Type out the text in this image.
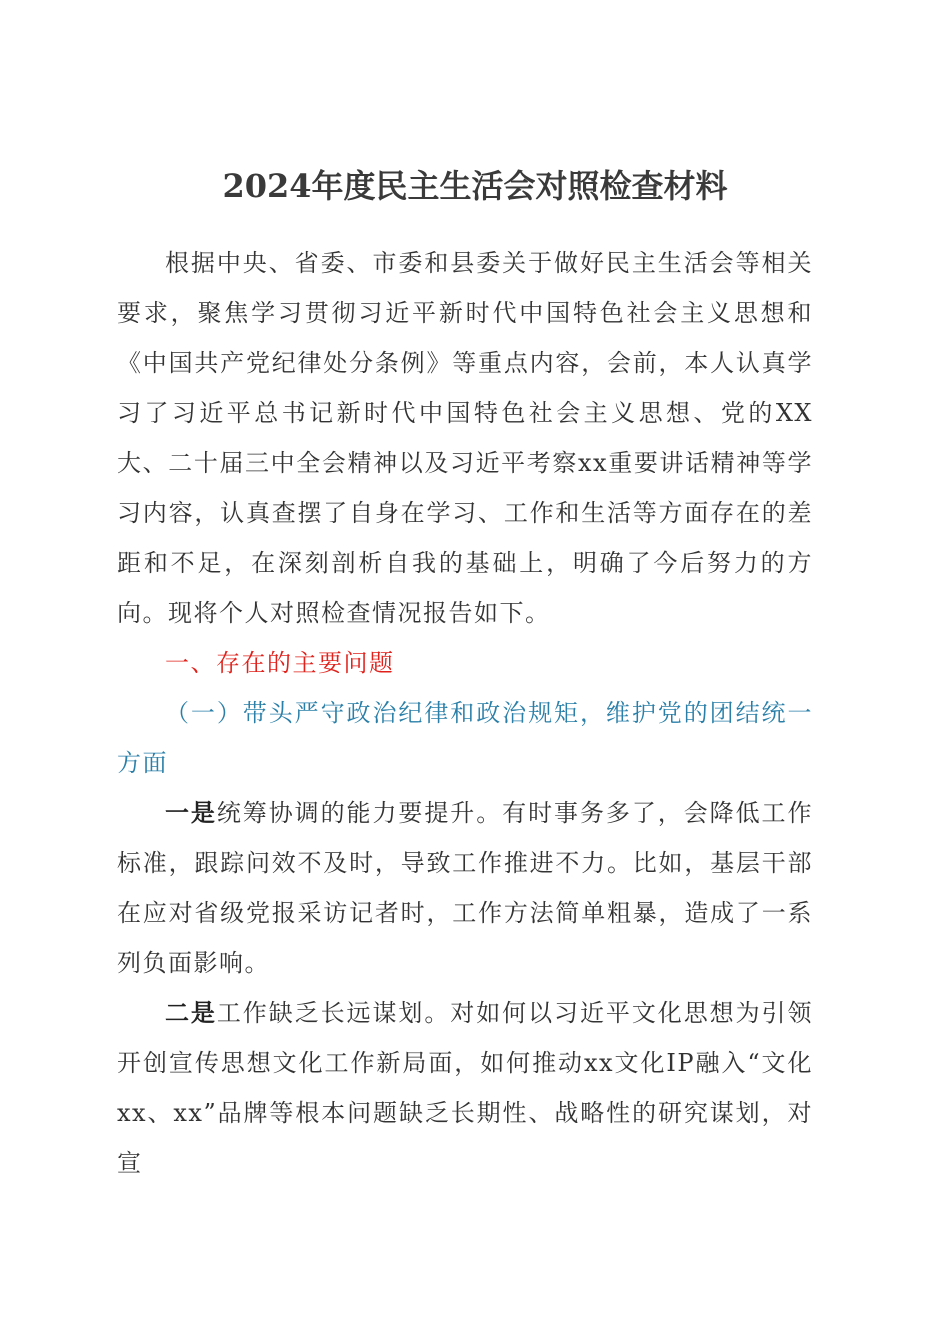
2024年度民主生活会对照检查材料

根据中央、省委、市委和县委关于做好民主生活会等相关要求，聚焦学习贯彻习近平新时代中国特色社会主义思想和《中国共产党纪律处分条例》等重点内容，会前，本人认真学习了习近平总书记新时代中国特色社会主义思想、党的XX大、二十届三中全会精神以及习近平考察xx重要讲话精神等学习内容，认真查摆了自身在学习、工作和生活等方面存在的差距和不足，在深刻剖析自我的基础上，明确了今后努力的方向。现将个人对照检查情况报告如下。

一、存在的主要问题

（一）带头严守政治纪律和政治规矩，维护党的团结统一方面

一是统筹协调的能力要提升。有时事务多了，会降低工作标准，跟踪问效不及时，导致工作推进不力。比如，基层干部在应对省级党报采访记者时，工作方法简单粗暴，造成了一系列负面影响。

二是工作缺乏长远谋划。对如何以习近平文化思想为引领开创宣传思想文化工作新局面，如何推动xx文化IP融入“文化xx、xx”品牌等根本问题缺乏长期性、战略性的研究谋划，对宣
